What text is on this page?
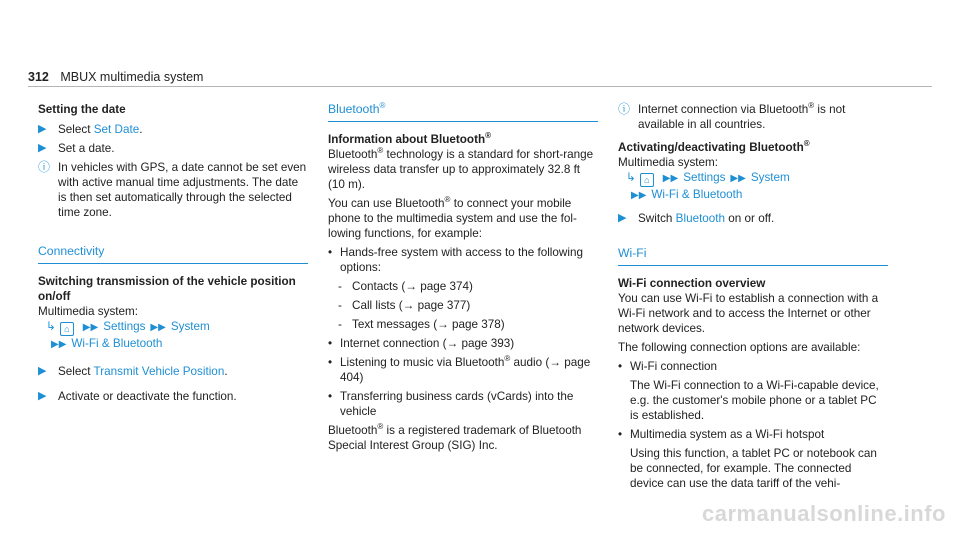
312 MBUX multimedia system
Setting the date
▶ Select Set Date.
▶ Set a date.
ⓘ In vehicles with GPS, a date cannot be set even with active manual time adjustments. The date is then set automatically through the selected time zone.
Connectivity
Switching transmission of the vehicle position on/off
Multimedia system:
↳ ⌂ ▶▶ Settings ▶▶ System
▶▶ Wi-Fi & Bluetooth
▶ Select Transmit Vehicle Position.
▶ Activate or deactivate the function.
Bluetooth®
Information about Bluetooth®
Bluetooth® technology is a standard for short-range wireless data transfer up to approximately 32.8 ft (10 m).
You can use Bluetooth® to connect your mobile phone to the multimedia system and use the following functions, for example:
• Hands-free system with access to the following options:
- Contacts (→ page 374)
- Call lists (→ page 377)
- Text messages (→ page 378)
• Internet connection (→ page 393)
• Listening to music via Bluetooth® audio (→ page 404)
• Transferring business cards (vCards) into the vehicle
Bluetooth® is a registered trademark of Bluetooth Special Interest Group (SIG) Inc.
ⓘ Internet connection via Bluetooth® is not available in all countries.
Activating/deactivating Bluetooth®
Multimedia system:
↳ ⌂ ▶▶ Settings ▶▶ System
▶▶ Wi-Fi & Bluetooth
▶ Switch Bluetooth on or off.
Wi-Fi
Wi-Fi connection overview
You can use Wi-Fi to establish a connection with a Wi-Fi network and to access the Internet or other network devices.
The following connection options are available:
• Wi-Fi connection
The Wi-Fi connection to a Wi-Fi-capable device, e.g. the customer's mobile phone or a tablet PC is established.
• Multimedia system as a Wi-Fi hotspot
Using this function, a tablet PC or notebook can be connected, for example. The connected device can use the data tariff of the vehi-
carmanualsonline.info
